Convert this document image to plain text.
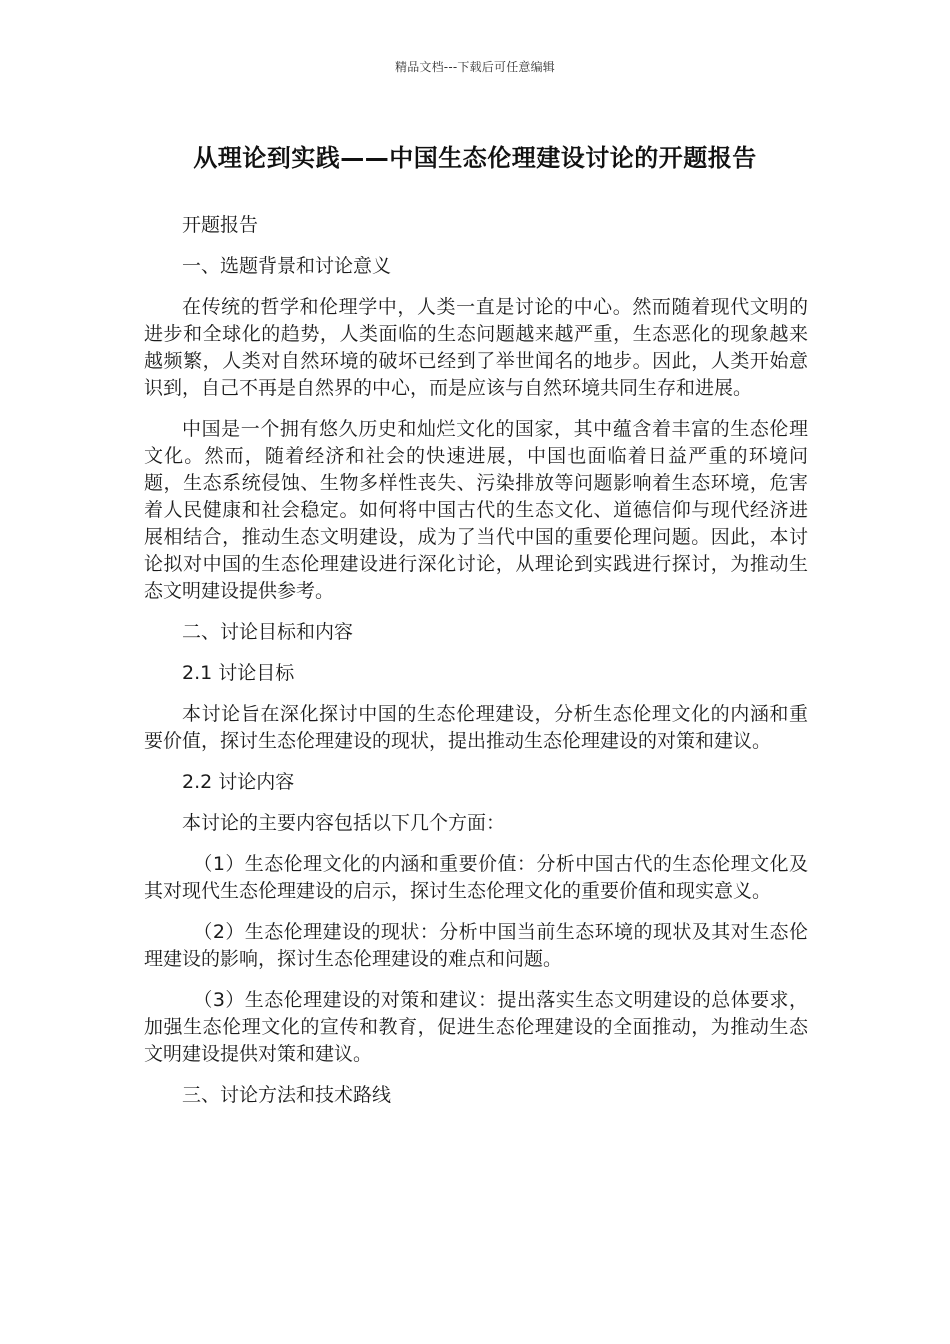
精品文档---下载后可任意编辑
从理论到实践——中国生态伦理建设讨论的开题报告
开题报告
一、选题背景和讨论意义
在传统的哲学和伦理学中，人类一直是讨论的中心。然而随着现代文明的进步和全球化的趋势，人类面临的生态问题越来越严重，生态恶化的现象越来越频繁，人类对自然环境的破坏已经到了举世闻名的地步。因此，人类开始意识到，自己不再是自然界的中心，而是应该与自然环境共同生存和进展。
中国是一个拥有悠久历史和灿烂文化的国家，其中蕴含着丰富的生态伦理文化。然而，随着经济和社会的快速进展，中国也面临着日益严重的环境问题，生态系统侵蚀、生物多样性丧失、污染排放等问题影响着生态环境，危害着人民健康和社会稳定。如何将中国古代的生态文化、道德信仰与现代经济进展相结合，推动生态文明建设，成为了当代中国的重要伦理问题。因此，本讨论拟对中国的生态伦理建设进行深化讨论，从理论到实践进行探讨，为推动生态文明建设提供参考。
二、讨论目标和内容
2.1 讨论目标
本讨论旨在深化探讨中国的生态伦理建设，分析生态伦理文化的内涵和重要价值，探讨生态伦理建设的现状，提出推动生态伦理建设的对策和建议。
2.2 讨论内容
本讨论的主要内容包括以下几个方面：
（1）生态伦理文化的内涵和重要价值：分析中国古代的生态伦理文化及其对现代生态伦理建设的启示，探讨生态伦理文化的重要价值和现实意义。
（2）生态伦理建设的现状：分析中国当前生态环境的现状及其对生态伦理建设的影响，探讨生态伦理建设的难点和问题。
（3）生态伦理建设的对策和建议：提出落实生态文明建设的总体要求，加强生态伦理文化的宣传和教育，促进生态伦理建设的全面推动，为推动生态文明建设提供对策和建议。
三、讨论方法和技术路线
